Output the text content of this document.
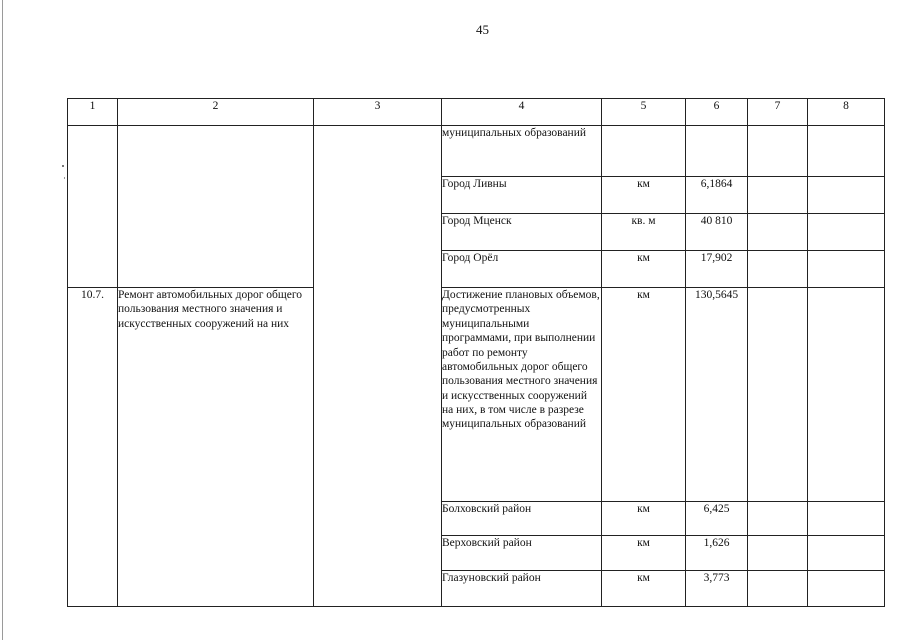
45
1	2	3	4	5	6	7	8
			муниципальных образований				
			Город Ливны	км	6,1864		
			Город Мценск	кв. м	40 810		
			Город Орёл	км	17,902		
10.7.	Ремонт автомобильных дорог общего пользования местного значения и искусственных сооружений на них		Достижение плановых объемов, предусмотренных муниципальными программами, при выполнении работ по ремонту автомобильных дорог общего пользования местного значения и искусственных сооружений на них, в том числе в разрезе муниципальных образований	км	130,5645		
			Болховский район	км	6,425		
			Верховский район	км	1,626		
			Глазуновский район	км	3,773		
